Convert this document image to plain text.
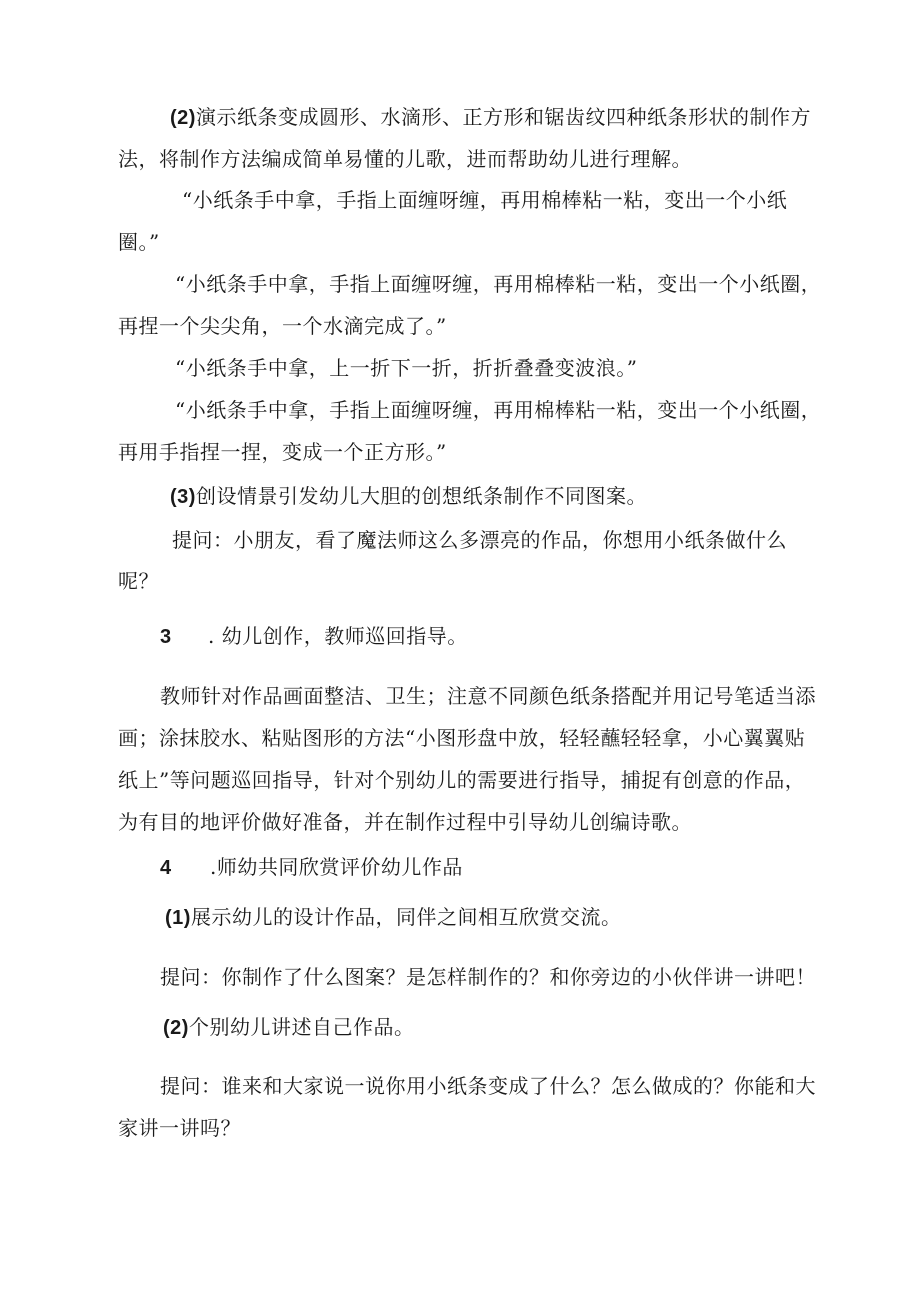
(2)演示纸条变成圆形、水滴形、正方形和锯齿纹四种纸条形状的制作方
法，将制作方法编成简单易懂的儿歌，进而帮助幼儿进行理解。
“小纸条手中拿，手指上面缠呀缠，再用棉棒粘一粘，变出一个小纸
圈。”
“小纸条手中拿，手指上面缠呀缠，再用棉棒粘一粘，变出一个小纸圈，
再捏一个尖尖角，一个水滴完成了。”
“小纸条手中拿，上一折下一折，折折叠叠变波浪。”
“小纸条手中拿，手指上面缠呀缠，再用棉棒粘一粘，变出一个小纸圈，
再用手指捏一捏，变成一个正方形。”
(3)创设情景引发幼儿大胆的创想纸条制作不同图案。
提问：小朋友，看了魔法师这么多漂亮的作品，你想用小纸条做什么
呢？
3 . 幼儿创作，教师巡回指导。
教师针对作品画面整洁、卫生；注意不同颜色纸条搭配并用记号笔适当添
画；涂抹胶水、粘贴图形的方法“小图形盘中放，轻轻蘸轻轻拿，小心翼翼贴
纸上”等问题巡回指导，针对个别幼儿的需要进行指导，捕捉有创意的作品，
为有目的地评价做好准备，并在制作过程中引导幼儿创编诗歌。
4 .师幼共同欣赏评价幼儿作品
(1)展示幼儿的设计作品，同伴之间相互欣赏交流。
提问：你制作了什么图案？是怎样制作的？和你旁边的小伙伴讲一讲吧！
(2)个别幼儿讲述自己作品。
提问：谁来和大家说一说你用小纸条变成了什么？怎么做成的？你能和大
家讲一讲吗？
